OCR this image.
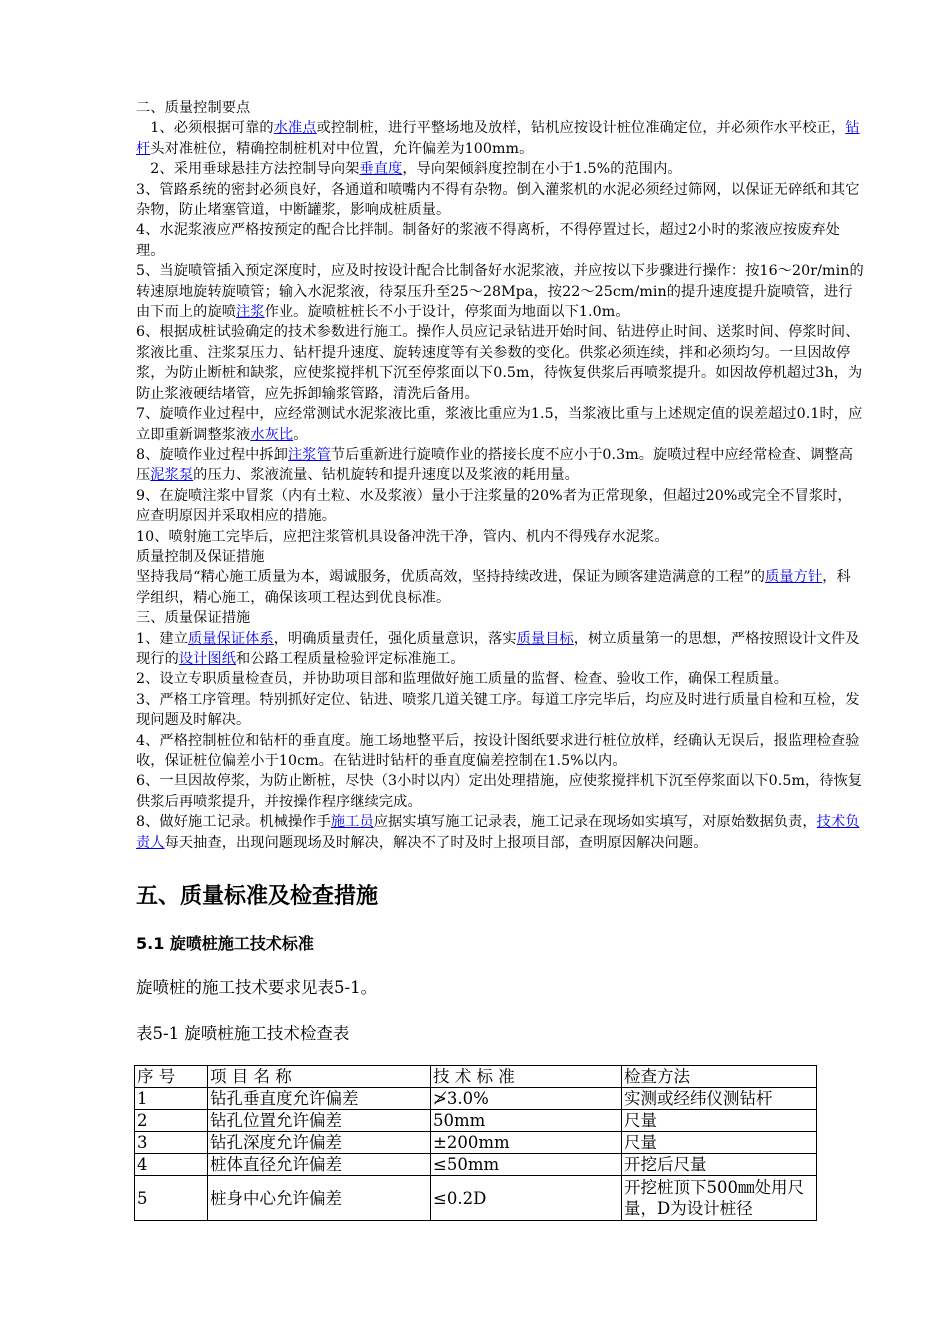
二、质量控制要点

　1、必须根据可靠的水准点或控制桩，进行平整场地及放样，钻机应按设计桩位准确定位，并必须作水平校正，钻杆头对准桩位，精确控制桩机对中位置，允许偏差为100mm。

　2、采用垂球悬挂方法控制导向架垂直度，导向架倾斜度控制在小于1.5%的范围内。

3、管路系统的密封必须良好，各通道和喷嘴内不得有杂物。倒入灌浆机的水泥必须经过筛网，以保证无碎纸和其它杂物，防止堵塞管道，中断罐浆，影响成桩质量。

4、水泥浆液应严格按预定的配合比拌制。制备好的浆液不得离析，不得停置过长，超过2小时的浆液应按废弃处理。

5、当旋喷管插入预定深度时，应及时按设计配合比制备好水泥浆液，并应按以下步骤进行操作：按16～20r/min的转速原地旋转旋喷管；输入水泥浆液，待泵压升至25～28Mpa，按22～25cm/min的提升速度提升旋喷管，进行由下而上的旋喷注浆作业。旋喷桩桩长不小于设计，停浆面为地面以下1.0m。

6、根据成桩试验确定的技术参数进行施工。操作人员应记录钻进开始时间、钻进停止时间、送浆时间、停浆时间、浆液比重、注浆泵压力、钻杆提升速度、旋转速度等有关参数的变化。供浆必须连续，拌和必须均匀。一旦因故停浆，为防止断桩和缺浆，应使浆搅拌机下沉至停浆面以下0.5m，待恢复供浆后再喷浆提升。如因故停机超过3h，为防止浆液硬结堵管，应先拆卸输浆管路，清洗后备用。

7、旋喷作业过程中，应经常测试水泥浆液比重，浆液比重应为1.5，当浆液比重与上述规定值的误差超过0.1时，应立即重新调整浆液水灰比。

8、旋喷作业过程中拆卸注浆管节后重新进行旋喷作业的搭接长度不应小于0.3m。旋喷过程中应经常检查、调整高压泥浆泵的压力、浆液流量、钻机旋转和提升速度以及浆液的耗用量。

9、在旋喷注浆中冒浆（内有土粒、水及浆液）量小于注浆量的20%者为正常现象，但超过20%或完全不冒浆时，应查明原因并采取相应的措施。

10、喷射施工完毕后，应把注浆管机具设备冲洗干净，管内、机内不得残存水泥浆。

质量控制及保证措施

坚持我局“精心施工质量为本，竭诚服务，优质高效，坚持持续改进，保证为顾客建造满意的工程”的质量方针，科学组织，精心施工，确保该项工程达到优良标准。

三、质量保证措施

1、建立质量保证体系，明确质量责任，强化质量意识，落实质量目标，树立质量第一的思想，严格按照设计文件及现行的设计图纸和公路工程质量检验评定标准施工。

2、设立专职质量检查员，并协助项目部和监理做好施工质量的监督、检查、验收工作，确保工程质量。

3、严格工序管理。特别抓好定位、钻进、喷浆几道关键工序。每道工序完毕后，均应及时进行质量自检和互检，发现问题及时解决。

4、严格控制桩位和钻杆的垂直度。施工场地整平后，按设计图纸要求进行桩位放样，经确认无误后，报监理检查验收，保证桩位偏差小于10cm。在钻进时钻杆的垂直度偏差控制在1.5%以内。

6、一旦因故停浆，为防止断桩，尽快（3小时以内）定出处理措施，应使浆搅拌机下沉至停浆面以下0.5m，待恢复供浆后再喷浆提升，并按操作程序继续完成。

8、做好施工记录。机械操作手施工员应据实填写施工记录表，施工记录在现场如实填写，对原始数据负责，技术负责人每天抽查，出现问题现场及时解决，解决不了时及时上报项目部，查明原因解决问题。

五、质量标准及检查措施
5.1 旋喷桩施工技术标准

旋喷桩的施工技术要求见表5-1。

表5-1 旋喷桩施工技术检查表

序 号	项 目 名 称	技 术 标 准	检查方法
1	钻孔垂直度允许偏差	≯3.0%	实测或经纬仪测钻杆
2	钻孔位置允许偏差	50mm	尺量
3	钻孔深度允许偏差	±200mm	尺量
4	桩体直径允许偏差	≤50mm	开挖后尺量
5	桩身中心允许偏差	≤0.2D	开挖桩顶下500㎜处用尺量，D为设计桩径
